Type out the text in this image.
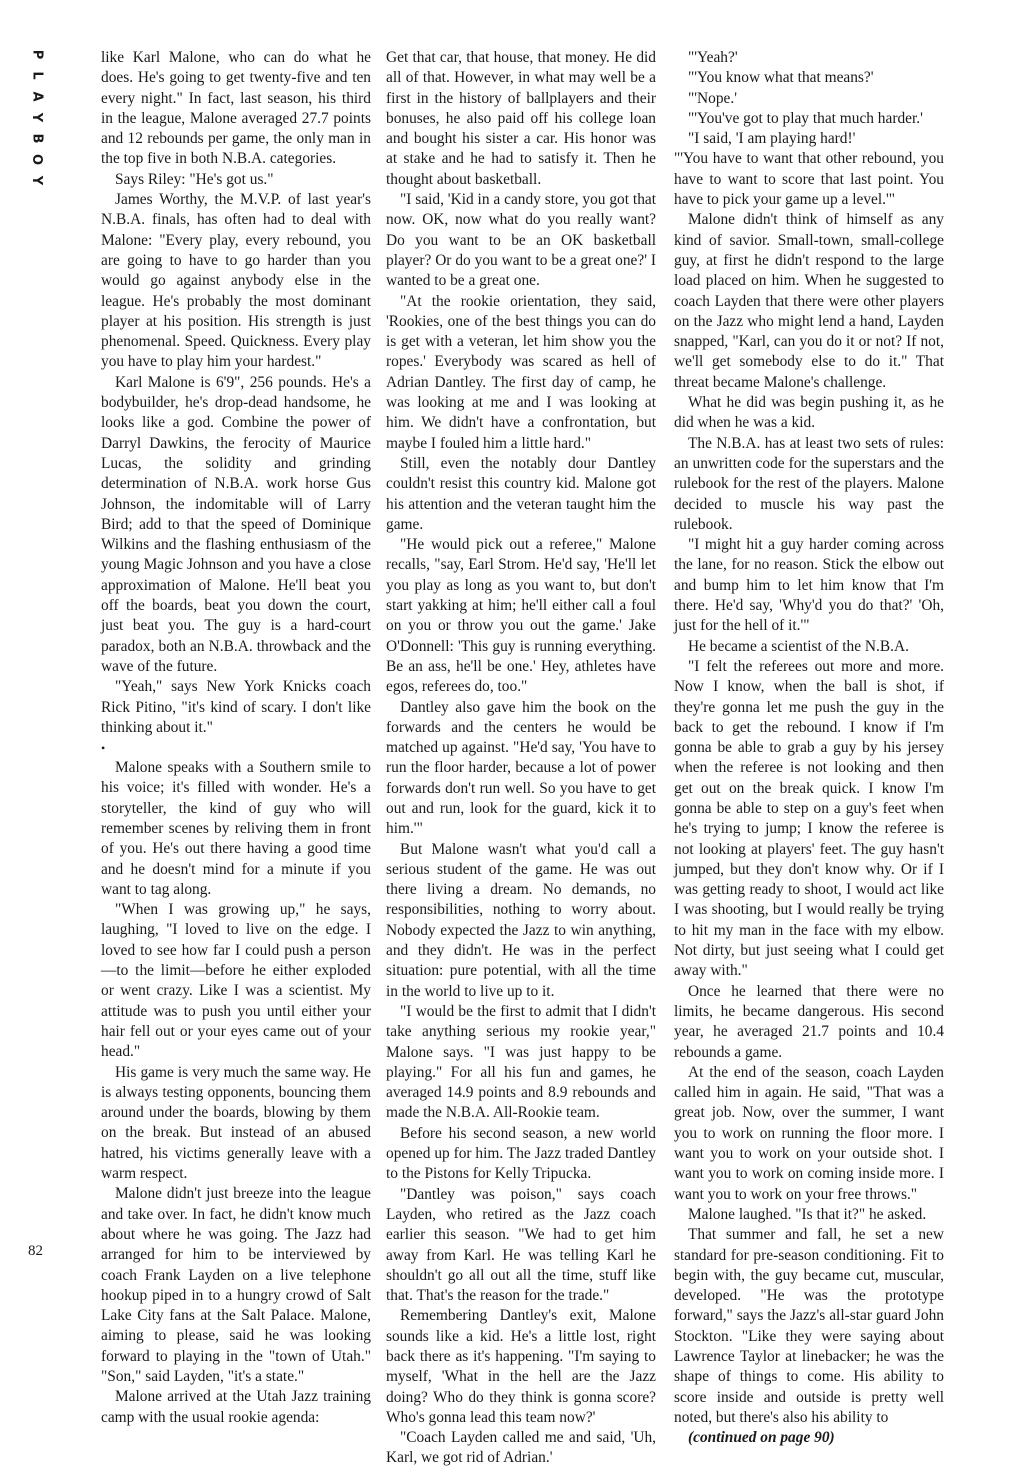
P
L
A
Y
B
O
Y
82

like Karl Malone, who can do what he does. He's going to get twenty-five and ten every night." In fact, last season, his third in the league, Malone averaged 27.7 points and 12 rebounds per game, the only man in the top five in both N.B.A. categories.

Says Riley: "He's got us."

James Worthy, the M.V.P. of last year's N.B.A. finals, has often had to deal with Malone: "Every play, every rebound, you are going to have to go harder than you would go against anybody else in the league. He's probably the most dominant player at his position. His strength is just phenomenal. Speed. Quickness. Every play you have to play him your hardest."

Karl Malone is 6'9", 256 pounds. He's a bodybuilder, he's drop-dead handsome, he looks like a god. Combine the power of Darryl Dawkins, the ferocity of Maurice Lucas, the solidity and grinding determination of N.B.A. work horse Gus Johnson, the indomitable will of Larry Bird; add to that the speed of Dominique Wilkins and the flashing enthusiasm of the young Magic Johnson and you have a close approximation of Malone. He'll beat you off the boards, beat you down the court, just beat you. The guy is a hard-court paradox, both an N.B.A. throwback and the wave of the future.

"Yeah," says New York Knicks coach Rick Pitino, "it's kind of scary. I don't like thinking about it."

•

Malone speaks with a Southern smile to his voice; it's filled with wonder. He's a storyteller, the kind of guy who will remember scenes by reliving them in front of you. He's out there having a good time and he doesn't mind for a minute if you want to tag along.

"When I was growing up," he says, laughing, "I loved to live on the edge. I loved to see how far I could push a person—to the limit—before he either exploded or went crazy. Like I was a scientist. My attitude was to push you until either your hair fell out or your eyes came out of your head."

His game is very much the same way. He is always testing opponents, bouncing them around under the boards, blowing by them on the break. But instead of an abused hatred, his victims generally leave with a warm respect.

Malone didn't just breeze into the league and take over. In fact, he didn't know much about where he was going. The Jazz had arranged for him to be interviewed by coach Frank Layden on a live telephone hookup piped in to a hungry crowd of Salt Lake City fans at the Salt Palace. Malone, aiming to please, said he was looking forward to playing in the "town of Utah." "Son," said Layden, "it's a state."

Malone arrived at the Utah Jazz training camp with the usual rookie agenda:

Get that car, that house, that money. He did all of that. However, in what may well be a first in the history of ballplayers and their bonuses, he also paid off his college loan and bought his sister a car. His honor was at stake and he had to satisfy it. Then he thought about basketball.

"I said, 'Kid in a candy store, you got that now. OK, now what do you really want? Do you want to be an OK basketball player? Or do you want to be a great one?' I wanted to be a great one.

"At the rookie orientation, they said, 'Rookies, one of the best things you can do is get with a veteran, let him show you the ropes.' Everybody was scared as hell of Adrian Dantley. The first day of camp, he was looking at me and I was looking at him. We didn't have a confrontation, but maybe I fouled him a little hard."

Still, even the notably dour Dantley couldn't resist this country kid. Malone got his attention and the veteran taught him the game.

"He would pick out a referee," Malone recalls, "say, Earl Strom. He'd say, 'He'll let you play as long as you want to, but don't start yakking at him; he'll either call a foul on you or throw you out the game.' Jake O'Donnell: 'This guy is running everything. Be an ass, he'll be one.' Hey, athletes have egos, referees do, too."

Dantley also gave him the book on the forwards and the centers he would be matched up against. "He'd say, 'You have to run the floor harder, because a lot of power forwards don't run well. So you have to get out and run, look for the guard, kick it to him.'"

But Malone wasn't what you'd call a serious student of the game. He was out there living a dream. No demands, no responsibilities, nothing to worry about. Nobody expected the Jazz to win anything, and they didn't. He was in the perfect situation: pure potential, with all the time in the world to live up to it.

"I would be the first to admit that I didn't take anything serious my rookie year," Malone says. "I was just happy to be playing." For all his fun and games, he averaged 14.9 points and 8.9 rebounds and made the N.B.A. All-Rookie team.

Before his second season, a new world opened up for him. The Jazz traded Dantley to the Pistons for Kelly Tripucka.

"Dantley was poison," says coach Layden, who retired as the Jazz coach earlier this season. "We had to get him away from Karl. He was telling Karl he shouldn't go all out all the time, stuff like that. That's the reason for the trade."

Remembering Dantley's exit, Malone sounds like a kid. He's a little lost, right back there as it's happening. "I'm saying to myself, 'What in the hell are the Jazz doing? Who do they think is gonna score? Who's gonna lead this team now?'

"Coach Layden called me and said, 'Uh, Karl, we got rid of Adrian.'

"'Yeah?'

"'You know what that means?'

"'Nope.'

"'You've got to play that much harder.'

"I said, 'I am playing hard!'

"'You have to want that other rebound, you have to want to score that last point. You have to pick your game up a level.'"

Malone didn't think of himself as any kind of savior. Small-town, small-college guy, at first he didn't respond to the large load placed on him. When he suggested to coach Layden that there were other players on the Jazz who might lend a hand, Layden snapped, "Karl, can you do it or not? If not, we'll get somebody else to do it." That threat became Malone's challenge.

What he did was begin pushing it, as he did when he was a kid.

The N.B.A. has at least two sets of rules: an unwritten code for the superstars and the rulebook for the rest of the players. Malone decided to muscle his way past the rulebook.

"I might hit a guy harder coming across the lane, for no reason. Stick the elbow out and bump him to let him know that I'm there. He'd say, 'Why'd you do that?' 'Oh, just for the hell of it.'"

He became a scientist of the N.B.A.

"I felt the referees out more and more. Now I know, when the ball is shot, if they're gonna let me push the guy in the back to get the rebound. I know if I'm gonna be able to grab a guy by his jersey when the referee is not looking and then get out on the break quick. I know I'm gonna be able to step on a guy's feet when he's trying to jump; I know the referee is not looking at players' feet. The guy hasn't jumped, but they don't know why. Or if I was getting ready to shoot, I would act like I was shooting, but I would really be trying to hit my man in the face with my elbow. Not dirty, but just seeing what I could get away with."

Once he learned that there were no limits, he became dangerous. His second year, he averaged 21.7 points and 10.4 rebounds a game.

At the end of the season, coach Layden called him in again. He said, "That was a great job. Now, over the summer, I want you to work on running the floor more. I want you to work on your outside shot. I want you to work on coming inside more. I want you to work on your free throws."

Malone laughed. "Is that it?" he asked.

That summer and fall, he set a new standard for pre-season conditioning. Fit to begin with, the guy became cut, muscular, developed. "He was the prototype forward," says the Jazz's all-star guard John Stockton. "Like they were saying about Lawrence Taylor at linebacker; he was the shape of things to come. His ability to score inside and outside is pretty well noted, but there's also his ability to

(continued on page 90)
